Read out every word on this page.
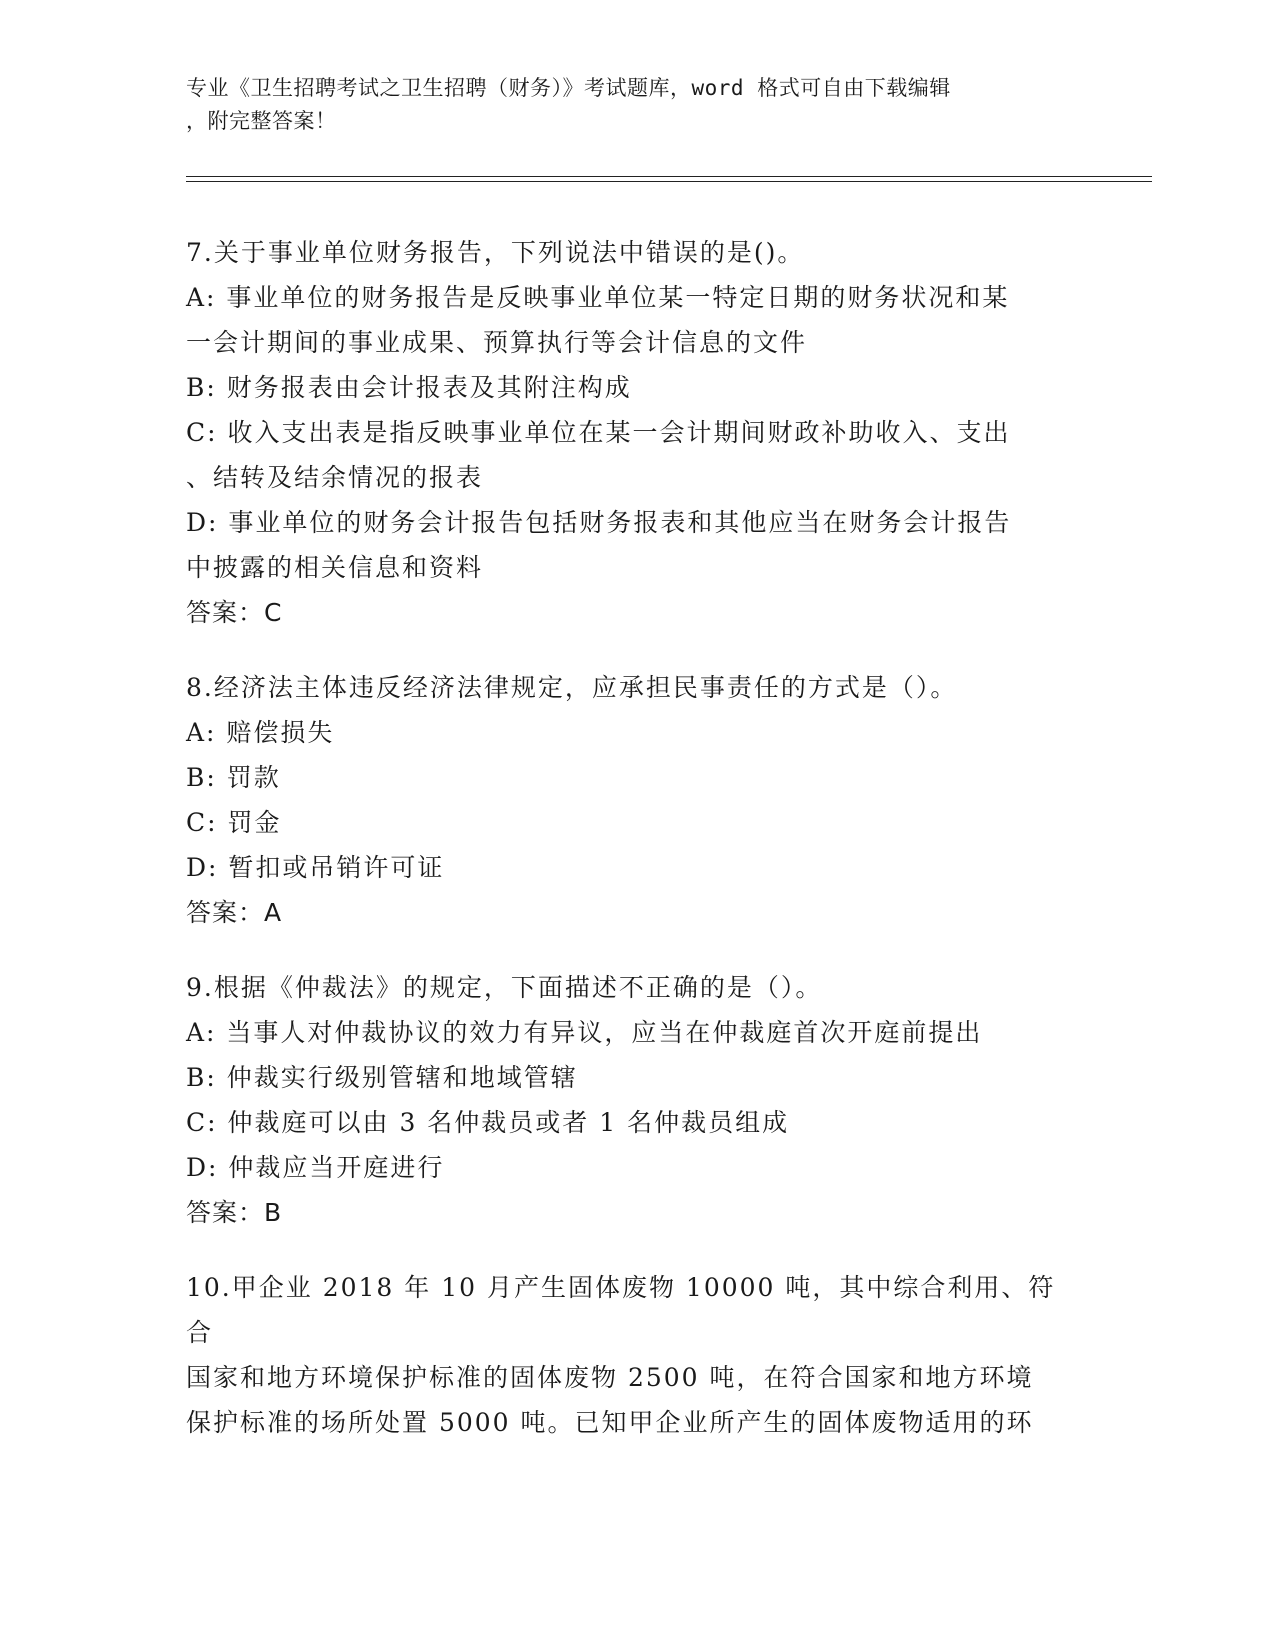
专业《卫生招聘考试之卫生招聘（财务）》考试题库，word 格式可自由下载编辑
，附完整答案！

7.关于事业单位财务报告，下列说法中错误的是()。

A: 事业单位的财务报告是反映事业单位某一特定日期的财务状况和某
一会计期间的事业成果、预算执行等会计信息的文件

B: 财务报表由会计报表及其附注构成

C: 收入支出表是指反映事业单位在某一会计期间财政补助收入、支出
、结转及结余情况的报表

D: 事业单位的财务会计报告包括财务报表和其他应当在财务会计报告
中披露的相关信息和资料

答案：C

8.经济法主体违反经济法律规定，应承担民事责任的方式是（）。

A: 赔偿损失

B: 罚款

C: 罚金

D: 暂扣或吊销许可证

答案：A

9.根据《仲裁法》的规定，下面描述不正确的是（）。

A: 当事人对仲裁协议的效力有异议，应当在仲裁庭首次开庭前提出

B: 仲裁实行级别管辖和地域管辖

C: 仲裁庭可以由 3 名仲裁员或者 1 名仲裁员组成

D: 仲裁应当开庭进行

答案：B

10.甲企业 2018 年 10 月产生固体废物 10000 吨，其中综合利用、符合

国家和地方环境保护标准的固体废物 2500 吨，在符合国家和地方环境

保护标准的场所处置 5000 吨。已知甲企业所产生的固体废物适用的环
